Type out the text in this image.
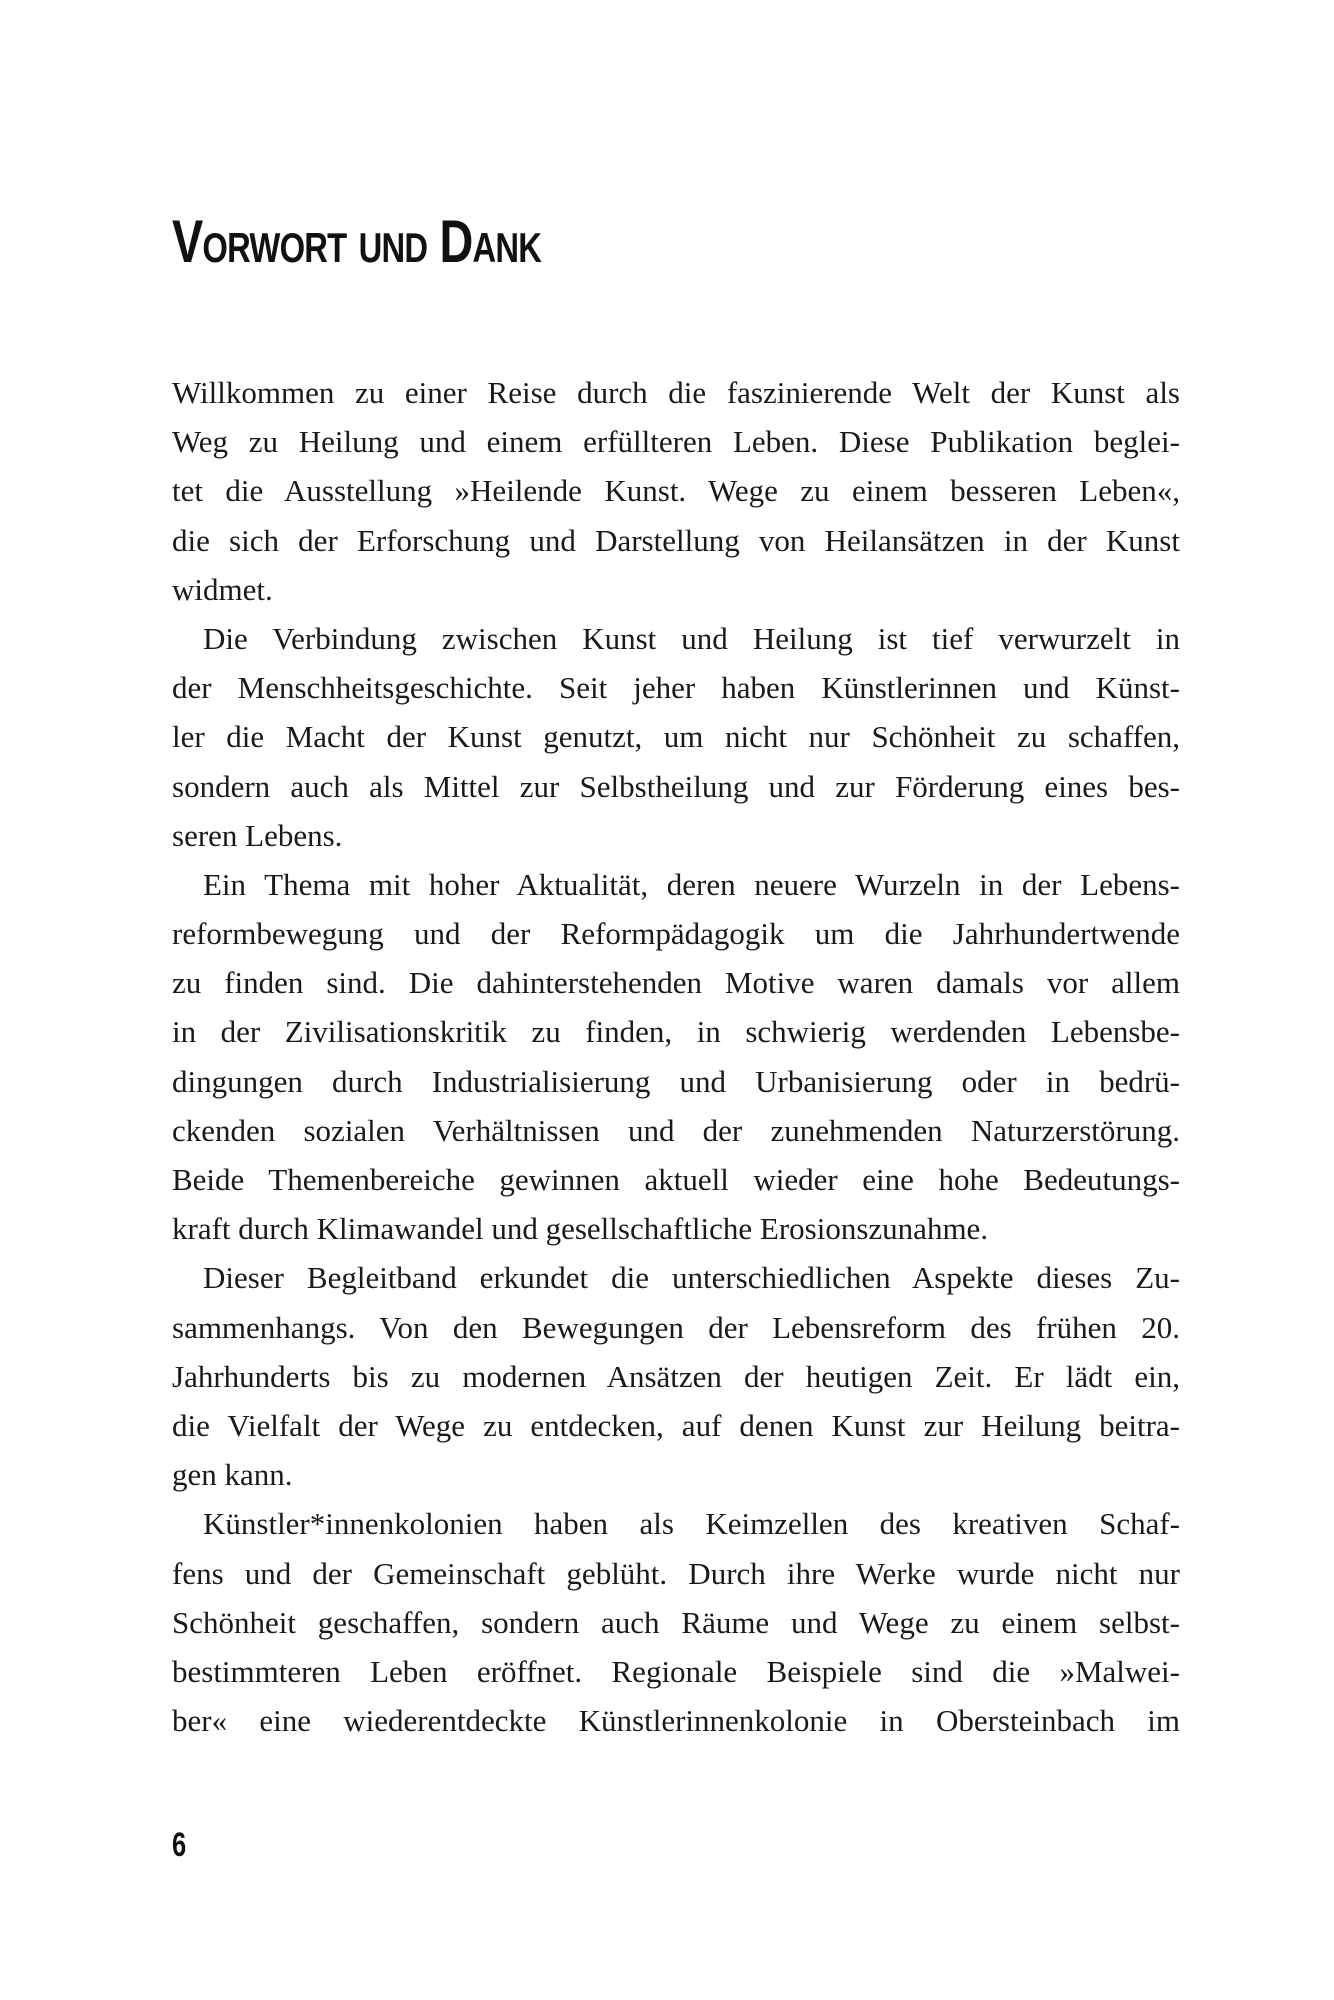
Vorwort und Dank
Willkommen zu einer Reise durch die faszinierende Welt der Kunst als
Weg zu Heilung und einem erfüllteren Leben. Diese Publikation beglei-
tet die Ausstellung »Heilende Kunst. Wege zu einem besseren Leben«,
die sich der Erforschung und Darstellung von Heilansätzen in der Kunst
widmet.
Die Verbindung zwischen Kunst und Heilung ist tief verwurzelt in
der Menschheitsgeschichte. Seit jeher haben Künstlerinnen und Künst-
ler die Macht der Kunst genutzt, um nicht nur Schönheit zu schaffen,
sondern auch als Mittel zur Selbstheilung und zur Förderung eines bes-
seren Lebens.
Ein Thema mit hoher Aktualität, deren neuere Wurzeln in der Lebens-
reformbewegung und der Reformpädagogik um die Jahrhundertwende
zu finden sind. Die dahinterstehenden Motive waren damals vor allem
in der Zivilisationskritik zu finden, in schwierig werdenden Lebensbe-
dingungen durch Industrialisierung und Urbanisierung oder in bedrü-
ckenden sozialen Verhältnissen und der zunehmenden Naturzerstörung.
Beide Themenbereiche gewinnen aktuell wieder eine hohe Bedeutungs-
kraft durch Klimawandel und gesellschaftliche Erosionszunahme.
Dieser Begleitband erkundet die unterschiedlichen Aspekte dieses Zu-
sammenhangs. Von den Bewegungen der Lebensreform des frühen 20.
Jahrhunderts bis zu modernen Ansätzen der heutigen Zeit. Er lädt ein,
die Vielfalt der Wege zu entdecken, auf denen Kunst zur Heilung beitra-
gen kann.
Künstler*innenkolonien haben als Keimzellen des kreativen Schaf-
fens und der Gemeinschaft geblüht. Durch ihre Werke wurde nicht nur
Schönheit geschaffen, sondern auch Räume und Wege zu einem selbst-
bestimmteren Leben eröffnet. Regionale Beispiele sind die »Malwei-
ber« eine wiederentdeckte Künstlerinnenkolonie in Obersteinbach im
6
